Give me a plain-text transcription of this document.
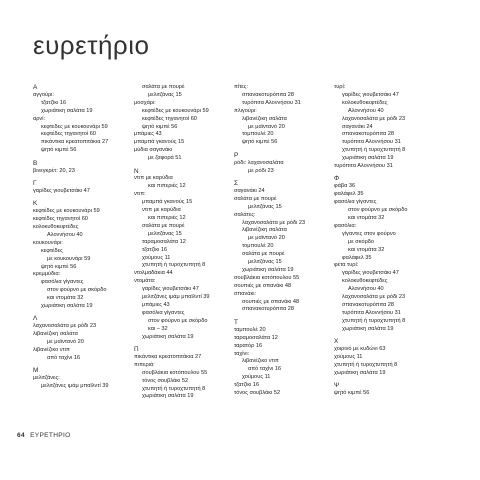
ευρετήριο
Α
αγγούρι:
τζατζίκι 16
χωριάτικη σαλάτα 19
αρνί:
κεφτεδες με κουκουνάρι 59
κεφτέδες τηγανητοί 60
πικάντικα κρεατοπιτάκια 27
ψητό κιμπέ 56
Β
βινεγκρέτ: 20, 23
Γ
γαρίδες γιουβετσάκι 47
Κ
κεφτέδες με κουκουνάρι 59
κεφτέδες τηγανητοί 60
κολοκυθοκεφτέδες
Αλοννήσου 40
κουκουνάρι:
κεφτέδες
με κουκουνάρι 59
ψητό κιμπέ 56
κρεμμύδια:
φασόλια γίγαντες
στον φούρνο με σκόρδο
και ντομάτα 32
χωριάτικη σαλάτα 19
Λ
λαχανοσαλάτα με ρόδι 23
λιβανέζικη σαλάτα
με μαϊντανό 20
λιβανέζικο ντιπ
από ταχίνι 16
Μ
μελιτζάνες:
μελιτζάνες ιμάμ μπαϊλντί 39
σαλάτα με πουρέ
μελιτζάνας 15
μοσχάρι:
κεφτέδες με κουκουνάρι 59
κεφτέδες τηγανητοί 60
ψητό κιμπέ 56
μπάμιες 43
μπαμπά γκανούς 15
μύδια σαγανάκι
με ζαφορά 51
Ν
ντιπ με καρύδια
και πιπεριές 12
ντιπ:
μπαμπά γκανούς 15
ντιπ με καρύδια
και πιπεριές 12
σαλάτα με πουρέ
μελιτζάνας 15
ταραμοσαλάτα 12
τζατζίκι 16
χούμους 11
χτυπητή ή τυροχτυπητή 8
ντολμαδάκια 44
ντομάτα:
γαρίδες γιουβετσάκι 47
μελιτζάνες ιμάμ μπαϊλντί 39
μπάμιες 43
φασόλια γίγαντες
στον φούρνο με σκόρδο
και – 32
χωριάτικη σαλάτα 19
Π
πικάντικα κρεατοπιτάκια 27
πιπεριά:
σουβλάκια κοτόπουλου 55
τόνος σουβλάκι 52
χτυπητή ή τυροχτυπητή 8
χωριάτικη σαλάτα 19
πίτες:
σπανακοτυρόπιτα 28
τυρόπιτα Αλοννήσου 31
πλιγούρι:
λιβανέζικη σαλάτα
με μαϊντανό 20
τομπουλέ 20
ψητό κιμπέ 56
Ρ
ρόδι: λαχανοσαλάτα
με ρόδι 23
Σ
σαγανάκι 24
σαλάτα με πουρέ
μελιτζάνας 15
σαλάτες:
λαχανοσαλάτα με ρόδι 23
λιβανέζικη σαλάτα
με μαϊντανό 20
τομπουλέ 20
σαλάτα με πουρέ
μελιτζάνας 15
χωριάτικη σαλάτα 19
σουβλάκια κοτόπουλου 55
σουπιές με σπανάκι 48
σπανάκι:
σουπιές με σπανάκι 48
σπανακοτυρόπιτα 28
Τ
ταμπουλέ 20
ταραμοσαλάτα 12
ταρατόρ 16
ταχίνι:
λιβανέζικο ντιπ
από ταχίνι 16
χούμους 11
τζατζίκι 16
τόνος σουβλάκι 52
τυρί:
γαρίδες γιουβετσάκι 47
κολοκυθοκεφτέδες
Αλοννήσου 40
λαχανοσαλάτα με ρόδι 23
σαγανάκι 24
σπανακοτυρόπιτα 28
τυρόπιτα Αλοννήσου 31
χτυπητή ή τυροχτυπητή 8
χωριάτικη σαλάτα 19
τυρόπιτα Αλοννήσου 31
Φ
φάβα 36
φαλάφελ 35
φασόλια γίγαντες
στον φούρνο με σκόρδο
και ντομάτα 32
φασόλια:
γίγαντες στον φούρνο
με σκόρδο
και ντομάτα 32
φαλάφελ 35
φέτα τυρί:
γαρίδες γιουβετσάκι 47
κολοκυθοκεφτέδες
Αλοννήσου 40
λαχανοσαλάτα με ρόδι 23
σπανακοτυρόπιτα 28
τυρόπιτα Αλοννήσου 31
χτυπητή ή τυροχτυπητή 8
χωριάτικη σαλάτα 19
Χ
χοιρινό με κυδώνι 63
χούμους 11
χτυπητή ή τυροχτυπητή 8
χωριάτικη σαλάτα 19
Ψ
ψητό κιμπέ 56
64 ΕΥΡΕΤΗΡΙΟ
